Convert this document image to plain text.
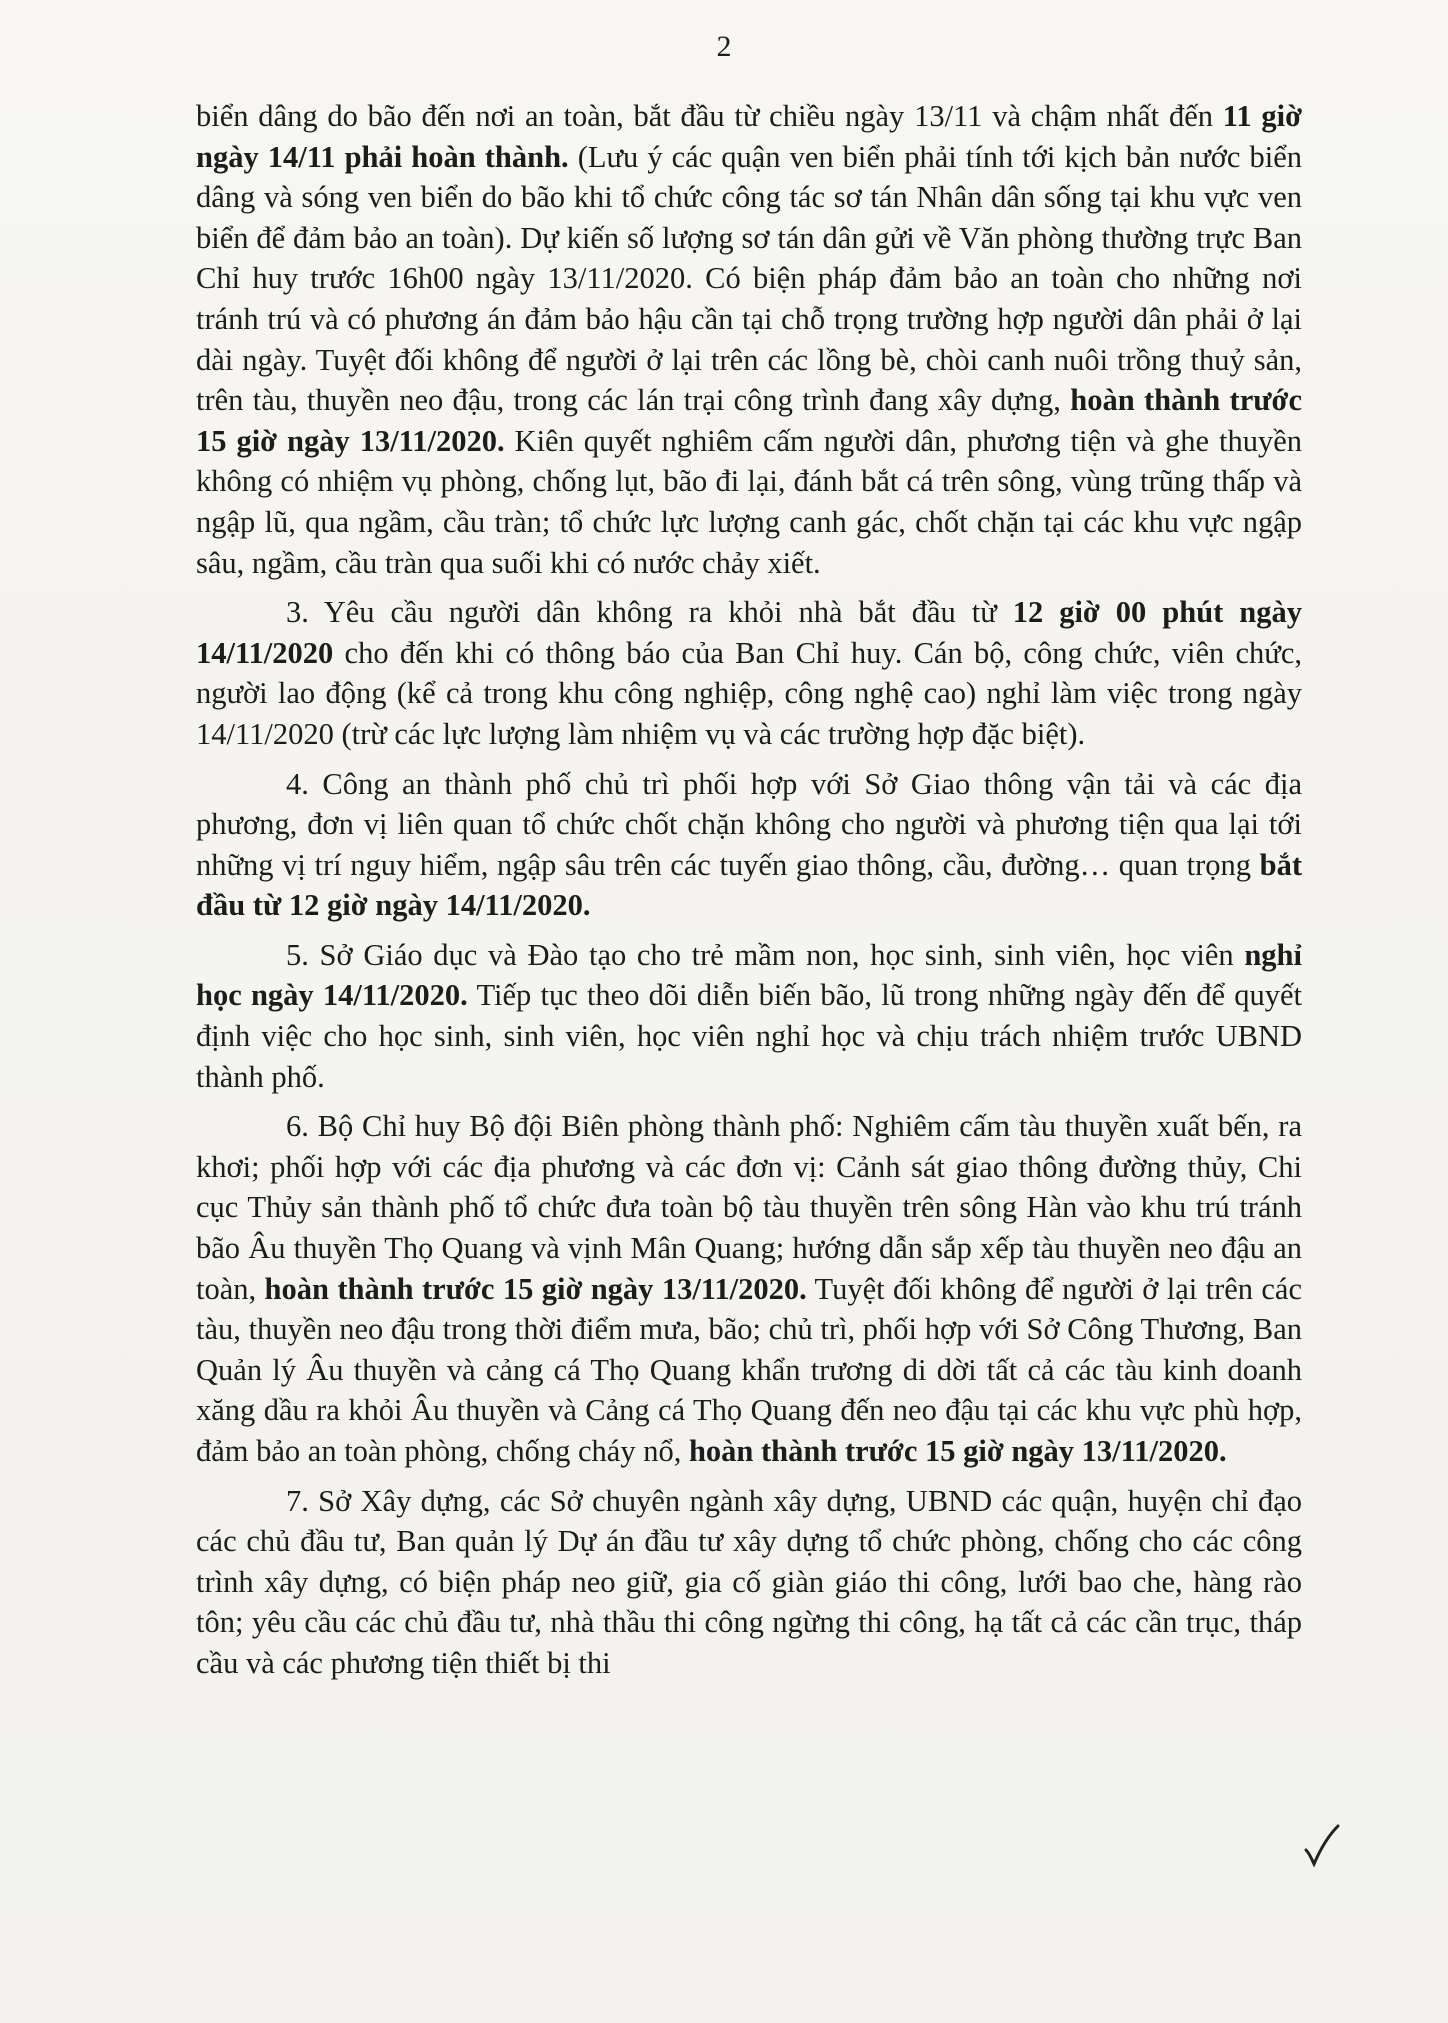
2

biển dâng do bão đến nơi an toàn, bắt đầu từ chiều ngày 13/11 và chậm nhất đến 11 giờ ngày 14/11 phải hoàn thành. (Lưu ý các quận ven biển phải tính tới kịch bản nước biển dâng và sóng ven biển do bão khi tổ chức công tác sơ tán Nhân dân sống tại khu vực ven biển để đảm bảo an toàn). Dự kiến số lượng sơ tán dân gửi về Văn phòng thường trực Ban Chỉ huy trước 16h00 ngày 13/11/2020. Có biện pháp đảm bảo an toàn cho những nơi tránh trú và có phương án đảm bảo hậu cần tại chỗ trọng trường hợp người dân phải ở lại dài ngày. Tuyệt đối không để người ở lại trên các lồng bè, chòi canh nuôi trồng thuỷ sản, trên tàu, thuyền neo đậu, trong các lán trại công trình đang xây dựng, hoàn thành trước 15 giờ ngày 13/11/2020. Kiên quyết nghiêm cấm người dân, phương tiện và ghe thuyền không có nhiệm vụ phòng, chống lụt, bão đi lại, đánh bắt cá trên sông, vùng trũng thấp và ngập lũ, qua ngầm, cầu tràn; tổ chức lực lượng canh gác, chốt chặn tại các khu vực ngập sâu, ngầm, cầu tràn qua suối khi có nước chảy xiết.

3. Yêu cầu người dân không ra khỏi nhà bắt đầu từ 12 giờ 00 phút ngày 14/11/2020 cho đến khi có thông báo của Ban Chỉ huy. Cán bộ, công chức, viên chức, người lao động (kể cả trong khu công nghiệp, công nghệ cao) nghỉ làm việc trong ngày 14/11/2020 (trừ các lực lượng làm nhiệm vụ và các trường hợp đặc biệt).

4. Công an thành phố chủ trì phối hợp với Sở Giao thông vận tải và các địa phương, đơn vị liên quan tổ chức chốt chặn không cho người và phương tiện qua lại tới những vị trí nguy hiểm, ngập sâu trên các tuyến giao thông, cầu, đường… quan trọng bắt đầu từ 12 giờ ngày 14/11/2020.

5. Sở Giáo dục và Đào tạo cho trẻ mầm non, học sinh, sinh viên, học viên nghỉ học ngày 14/11/2020. Tiếp tục theo dõi diễn biến bão, lũ trong những ngày đến để quyết định việc cho học sinh, sinh viên, học viên nghỉ học và chịu trách nhiệm trước UBND thành phố.

6. Bộ Chỉ huy Bộ đội Biên phòng thành phố: Nghiêm cấm tàu thuyền xuất bến, ra khơi; phối hợp với các địa phương và các đơn vị: Cảnh sát giao thông đường thủy, Chi cục Thủy sản thành phố tổ chức đưa toàn bộ tàu thuyền trên sông Hàn vào khu trú tránh bão Âu thuyền Thọ Quang và vịnh Mân Quang; hướng dẫn sắp xếp tàu thuyền neo đậu an toàn, hoàn thành trước 15 giờ ngày 13/11/2020. Tuyệt đối không để người ở lại trên các tàu, thuyền neo đậu trong thời điểm mưa, bão; chủ trì, phối hợp với Sở Công Thương, Ban Quản lý Âu thuyền và cảng cá Thọ Quang khẩn trương di dời tất cả các tàu kinh doanh xăng dầu ra khỏi Âu thuyền và Cảng cá Thọ Quang đến neo đậu tại các khu vực phù hợp, đảm bảo an toàn phòng, chống cháy nổ, hoàn thành trước 15 giờ ngày 13/11/2020.

7. Sở Xây dựng, các Sở chuyên ngành xây dựng, UBND các quận, huyện chỉ đạo các chủ đầu tư, Ban quản lý Dự án đầu tư xây dựng tổ chức phòng, chống cho các công trình xây dựng, có biện pháp neo giữ, gia cố giàn giáo thi công, lưới bao che, hàng rào tôn; yêu cầu các chủ đầu tư, nhà thầu thi công ngừng thi công, hạ tất cả các cần trục, tháp cầu và các phương tiện thiết bị thi
